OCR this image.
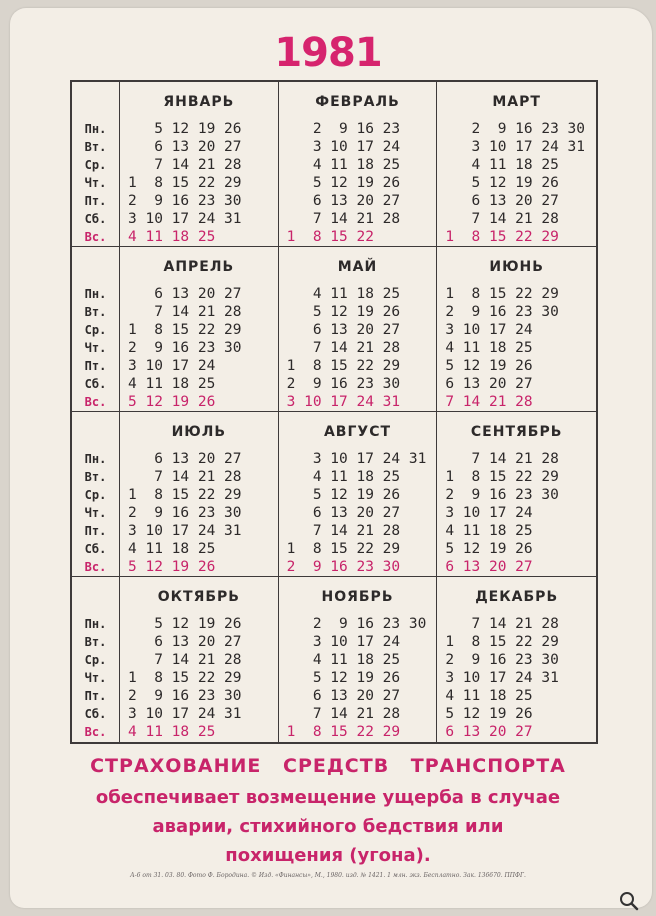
1981
Пн.
Вт.
Ср.
Чт.
Пт.
Сб.
Вс.
ЯНВАРЬ
5 12 19 26
6 13 20 27
7 14 21 28
1  8 15 22 29
2  9 16 23 30
3 10 17 24 31
4 11 18 25
ФЕВРАЛЬ
2  9 16 23
3 10 17 24
4 11 18 25
5 12 19 26
6 13 20 27
7 14 21 28
1  8 15 22
МАРТ
2  9 16 23 30
3 10 17 24 31
4 11 18 25
5 12 19 26
6 13 20 27
7 14 21 28
1  8 15 22 29
Пн.
Вт.
Ср.
Чт.
Пт.
Сб.
Вс.
АПРЕЛЬ
6 13 20 27
7 14 21 28
1  8 15 22 29
2  9 16 23 30
3 10 17 24
4 11 18 25
5 12 19 26
МАЙ
4 11 18 25
5 12 19 26
6 13 20 27
7 14 21 28
1  8 15 22 29
2  9 16 23 30
3 10 17 24 31
ИЮНЬ
1  8 15 22 29
2  9 16 23 30
3 10 17 24
4 11 18 25
5 12 19 26
6 13 20 27
7 14 21 28
Пн.
Вт.
Ср.
Чт.
Пт.
Сб.
Вс.
ИЮЛЬ
6 13 20 27
7 14 21 28
1  8 15 22 29
2  9 16 23 30
3 10 17 24 31
4 11 18 25
5 12 19 26
АВГУСТ
3 10 17 24 31
4 11 18 25
5 12 19 26
6 13 20 27
7 14 21 28
1  8 15 22 29
2  9 16 23 30
СЕНТЯБРЬ
7 14 21 28
1  8 15 22 29
2  9 16 23 30
3 10 17 24
4 11 18 25
5 12 19 26
6 13 20 27
Пн.
Вт.
Ср.
Чт.
Пт.
Сб.
Вс.
ОКТЯБРЬ
5 12 19 26
6 13 20 27
7 14 21 28
1  8 15 22 29
2  9 16 23 30
3 10 17 24 31
4 11 18 25
НОЯБРЬ
2  9 16 23 30
3 10 17 24
4 11 18 25
5 12 19 26
6 13 20 27
7 14 21 28
1  8 15 22 29
ДЕКАБРЬ
7 14 21 28
1  8 15 22 29
2  9 16 23 30
3 10 17 24 31
4 11 18 25
5 12 19 26
6 13 20 27
СТРАХОВАНИЕ СРЕДСТВ ТРАНСПОРТА
обеспечивает возмещение ущерба в случае
аварии, стихийного бедствия или
похищения (угона).
А-6 от 31. 03. 80. Фото Ф. Бородина. © Изд. «Финансы», М., 1980. изд. № 1421. 1 млн. экз. Бесплатно. Зак. 136670. ППФГ.
